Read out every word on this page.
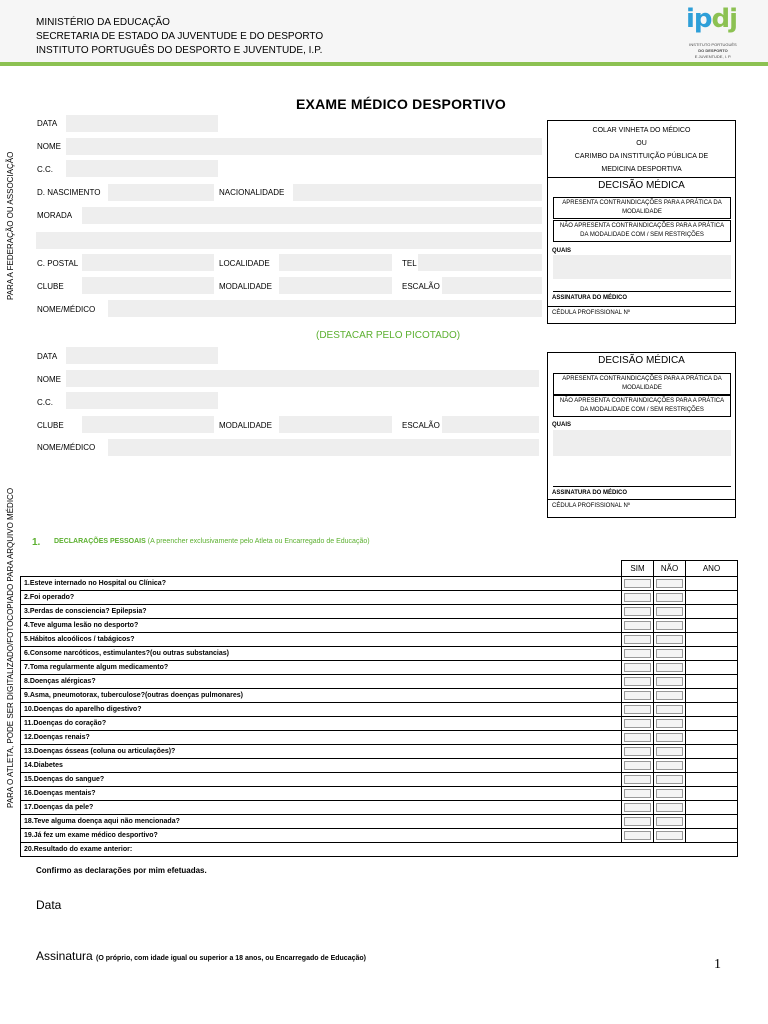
MINISTÉRIO DA EDUCAÇÃO
SECRETARIA DE ESTADO DA JUVENTUDE E DO DESPORTO
INSTITUTO PORTUGUÊS DO DESPORTO E JUVENTUDE, I.P.
ipdj
INSTITUTO PORTUGUÊS
DO DESPORTO
E JUVENTUDE, I. P.
PARA A FEDERAÇÃO OU ASSOCIAÇÃO
PARA O ATLETA, PODE SER DIGITALIZADO/FOTOCOPIADO PARA ARQUIVO MÉDICO
EXAME MÉDICO DESPORTIVO
DATA
NOME
C.C.
D. NASCIMENTO	NACIONALIDADE
MORADA
C. POSTAL	LOCALIDADE	TEL
CLUBE	MODALIDADE	ESCALÃO
NOME/MÉDICO
(DESTACAR PELO PICOTADO)
COLAR VINHETA DO MÉDICO
OU
CARIMBO DA INSTITUIÇÃO PÚBLICA DE
MEDICINA DESPORTIVA
DECISÃO MÉDICA
APRESENTA CONTRAINDICAÇÕES PARA A PRÁTICA DA MODALIDADE
NÃO APRESENTA CONTRAINDICAÇÕES PARA A PRÁTICA DA MODALIDADE COM / SEM RESTRIÇÕES
QUAIS
ASSINATURA DO MÉDICO
CÉDULA PROFISSIONAL Nº
DATA
NOME
C.C.
CLUBE	MODALIDADE	ESCALÃO
NOME/MÉDICO
DECISÃO MÉDICA
APRESENTA CONTRAINDICAÇÕES PARA A PRÁTICA DA MODALIDADE
NÃO APRESENTA CONTRAINDICAÇÕES PARA A PRÁTICA DA MODALIDADE COM / SEM RESTRIÇÕES
QUAIS
ASSINATURA DO MÉDICO
CÉDULA PROFISSIONAL Nº
1. DECLARAÇÕES PESSOAIS (A preencher exclusivamente pelo Atleta ou Encarregado de Educação)
	SIM	NÃO	ANO
1.Esteve internado no Hospital ou Clínica?	

2.Foi operado?	

3.Perdas de consciencia? Epilepsia?	

4.Teve alguma lesão no desporto?	

5.Hábitos alcoólicos / tabágicos?	

6.Consome narcóticos, estimulantes?(ou outras substancias)	

7.Toma regularmente algum medicamento?	

8.Doenças alérgicas?	

9.Asma, pneumotorax, tuberculose?(outras doenças pulmonares)	

10.Doenças do aparelho digestivo?	

11.Doenças do coração?	

12.Doenças renais?	

13.Doenças ósseas (coluna ou articulações)?	

14.Diabetes	

15.Doenças do sangue?	

16.Doenças mentais?	

17.Doenças da pele?	

18.Teve alguma doença aqui não mencionada?	

19.Já fez um exame médico desportivo?	

20.Resultado do exame anterior:			
Confirmo as declarações por mim efetuadas.
Data
Assinatura (O próprio, com idade igual ou superior a 18 anos, ou Encarregado de Educação)	1
